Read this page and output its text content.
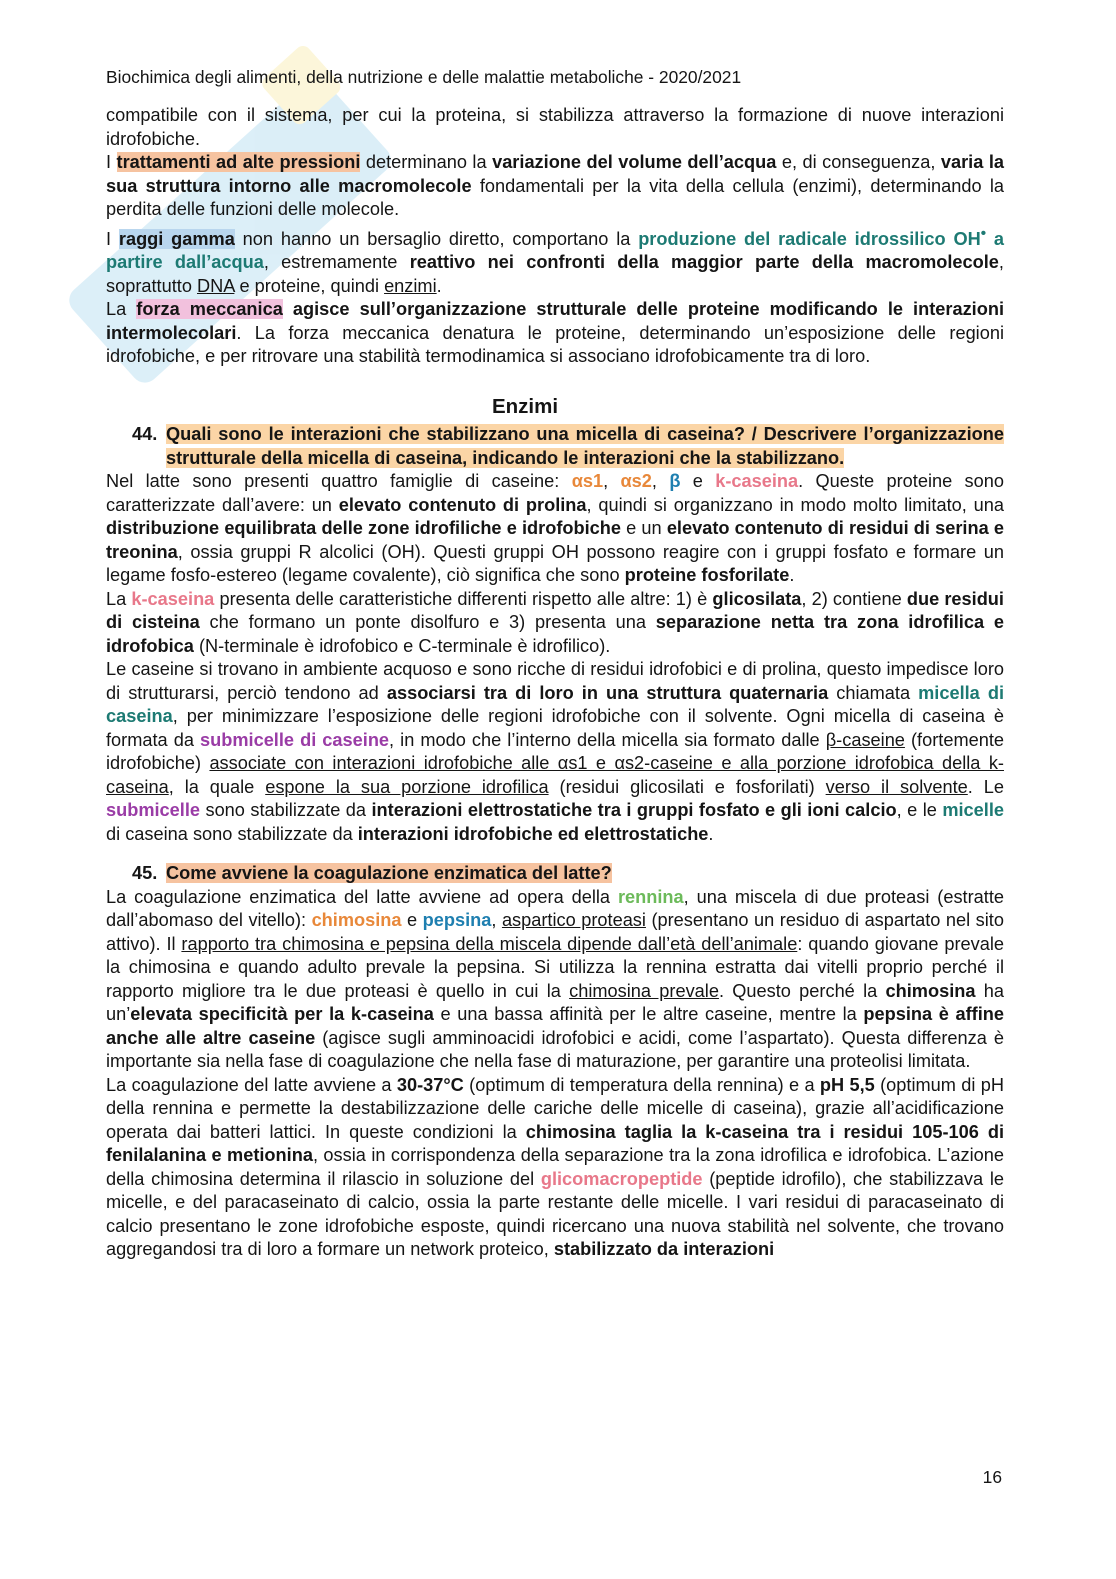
Biochimica degli alimenti, della nutrizione e delle malattie metaboliche - 2020/2021

compatibile con il sistema, per cui la proteina, si stabilizza attraverso la formazione di nuove interazioni idrofobiche.

I trattamenti ad alte pressioni determinano la variazione del volume dell’acqua e, di conseguenza, varia la sua struttura intorno alle macromolecole fondamentali per la vita della cellula (enzimi), determinando la perdita delle funzioni delle molecole.

I raggi gamma non hanno un bersaglio diretto, comportano la produzione del radicale idrossilico OH• a partire dall’acqua, estremamente reattivo nei confronti della maggior parte della macromolecole, soprattutto DNA e proteine, quindi enzimi.

La forza meccanica agisce sull’organizzazione strutturale delle proteine modificando le interazioni intermolecolari. La forza meccanica denatura le proteine, determinando un’esposizione delle regioni idrofobiche, e per ritrovare una stabilità termodinamica si associano idrofobicamente tra di loro.

Enzimi

44. Quali sono le interazioni che stabilizzano una micella di caseina? / Descrivere l’organizzazione strutturale della micella di caseina, indicando le interazioni che la stabilizzano.

Nel latte sono presenti quattro famiglie di caseine: αs1, αs2, β e k-caseina. Queste proteine sono caratterizzate dall’avere: un elevato contenuto di prolina, quindi si organizzano in modo molto limitato, una distribuzione equilibrata delle zone idrofiliche e idrofobiche e un elevato contenuto di residui di serina e treonina, ossia gruppi R alcolici (OH). Questi gruppi OH possono reagire con i gruppi fosfato e formare un legame fosfo-estereo (legame covalente), ciò significa che sono proteine fosforilate.

La k-caseina presenta delle caratteristiche differenti rispetto alle altre: 1) è glicosilata, 2) contiene due residui di cisteina che formano un ponte disolfuro e 3) presenta una separazione netta tra zona idrofilica e idrofobica (N-terminale è idrofobico e C-terminale è idrofilico).

Le caseine si trovano in ambiente acquoso e sono ricche di residui idrofobici e di prolina, questo impedisce loro di strutturarsi, perciò tendono ad associarsi tra di loro in una struttura quaternaria chiamata micella di caseina, per minimizzare l’esposizione delle regioni idrofobiche con il solvente. Ogni micella di caseina è formata da submicelle di caseine, in modo che l’interno della micella sia formato dalle β-caseine (fortemente idrofobiche) associate con interazioni idrofobiche alle αs1 e αs2-caseine e alla porzione idrofobica della k-caseina, la quale espone la sua porzione idrofilica (residui glicosilati e fosforilati) verso il solvente. Le submicelle sono stabilizzate da interazioni elettrostatiche tra i gruppi fosfato e gli ioni calcio, e le micelle di caseina sono stabilizzate da interazioni idrofobiche ed elettrostatiche.

45. Come avviene la coagulazione enzimatica del latte?

La coagulazione enzimatica del latte avviene ad opera della rennina, una miscela di due proteasi (estratte dall’abomaso del vitello): chimosina e pepsina, aspartico proteasi (presentano un residuo di aspartato nel sito attivo). Il rapporto tra chimosina e pepsina della miscela dipende dall’età dell’animale: quando giovane prevale la chimosina e quando adulto prevale la pepsina. Si utilizza la rennina estratta dai vitelli proprio perché il rapporto migliore tra le due proteasi è quello in cui la chimosina prevale. Questo perché la chimosina ha un’elevata specificità per la k-caseina e una bassa affinità per le altre caseine, mentre la pepsina è affine anche alle altre caseine (agisce sugli amminoacidi idrofobici e acidi, come l’aspartato). Questa differenza è importante sia nella fase di coagulazione che nella fase di maturazione, per garantire una proteolisi limitata.

La coagulazione del latte avviene a 30-37°C (optimum di temperatura della rennina) e a pH 5,5 (optimum di pH della rennina e permette la destabilizzazione delle cariche delle micelle di caseina), grazie all’acidificazione operata dai batteri lattici. In queste condizioni la chimosina taglia la k-caseina tra i residui 105-106 di fenilalanina e metionina, ossia in corrispondenza della separazione tra la zona idrofilica e idrofobica. L’azione della chimosina determina il rilascio in soluzione del glicomacropeptide (peptide idrofilo), che stabilizzava le micelle, e del paracaseinato di calcio, ossia la parte restante delle micelle. I vari residui di paracaseinato di calcio presentano le zone idrofobiche esposte, quindi ricercano una nuova stabilità nel solvente, che trovano aggregandosi tra di loro a formare un network proteico, stabilizzato da interazioni

16
